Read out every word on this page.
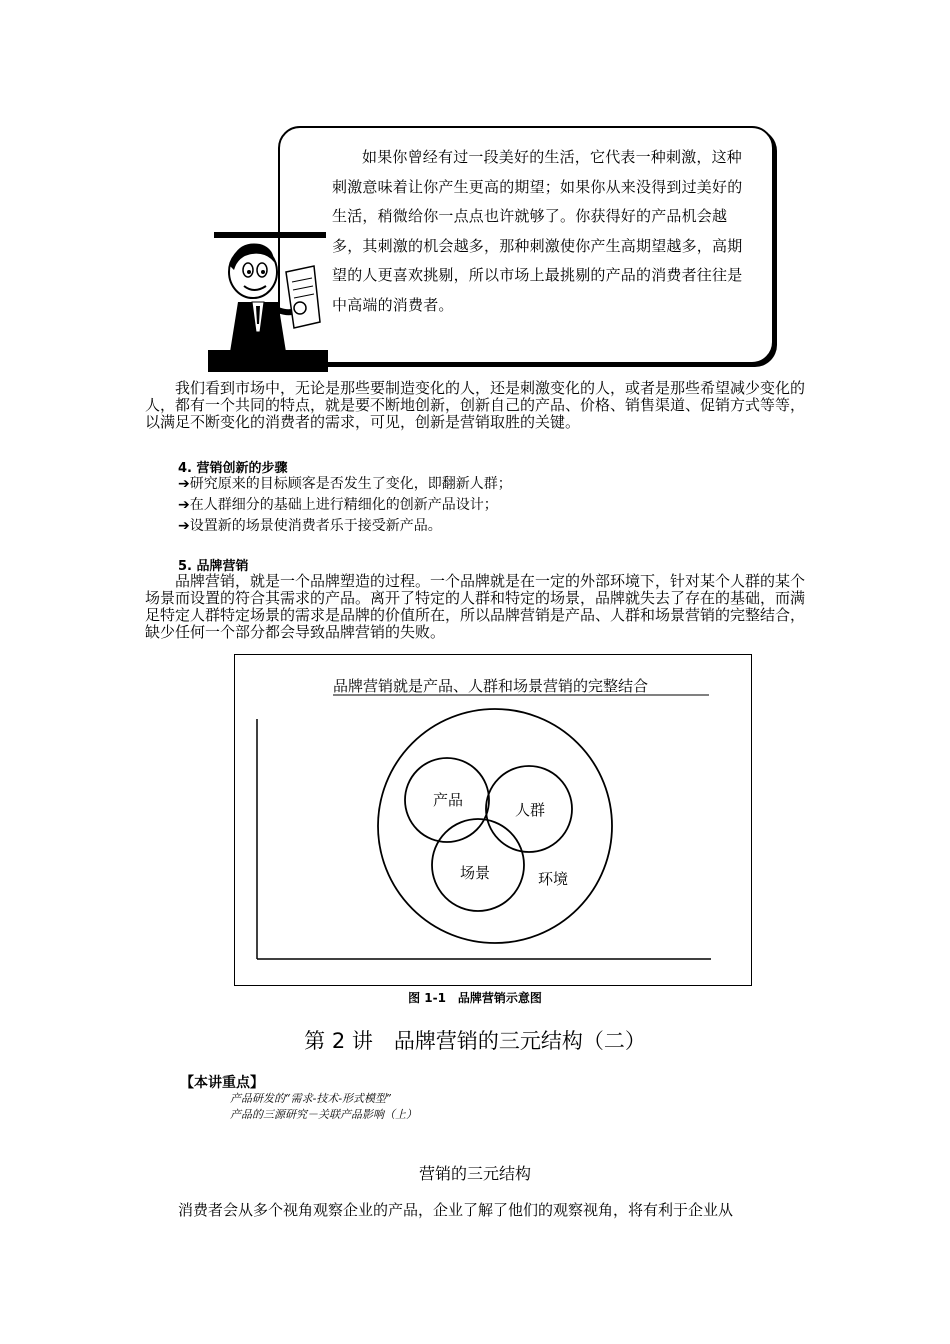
如果你曾经有过一段美好的生活，它代表一种刺激，这种刺激意味着让你产生更高的期望；如果你从来没得到过美好的生活，稍微给你一点点也许就够了。你获得好的产品机会越多，其刺激的机会越多，那种刺激使你产生高期望越多，高期望的人更喜欢挑剔，所以市场上最挑剔的产品的消费者往往是中高端的消费者。
我们看到市场中，无论是那些要制造变化的人，还是刺激变化的人，或者是那些希望减少变化的人，都有一个共同的特点，就是要不断地创新，创新自己的产品、价格、销售渠道、促销方式等等，以满足不断变化的消费者的需求，可见，创新是营销取胜的关键。
4. 营销创新的步骤
➔研究原来的目标顾客是否发生了变化，即翻新人群；
➔在人群细分的基础上进行精细化的创新产品设计；
➔设置新的场景使消费者乐于接受新产品。
5. 品牌营销
品牌营销，就是一个品牌塑造的过程。一个品牌就是在一定的外部环境下，针对某个人群的某个场景而设置的符合其需求的产品。离开了特定的人群和特定的场景，品牌就失去了存在的基础，而满足特定人群特定场景的需求是品牌的价值所在，所以品牌营销是产品、人群和场景营销的完整结合，缺少任何一个部分都会导致品牌营销的失败。
品牌营销就是产品、人群和场景营销的完整结合
产品
人群
场景	环境
图 1-1　品牌营销示意图
第 2 讲　品牌营销的三元结构（二）
【本讲重点】
产品研发的“需求-技术-形式模型”
产品的三源研究－关联产品影响（上）
营销的三元结构
消费者会从多个视角观察企业的产品，企业了解了他们的观察视角，将有利于企业从
